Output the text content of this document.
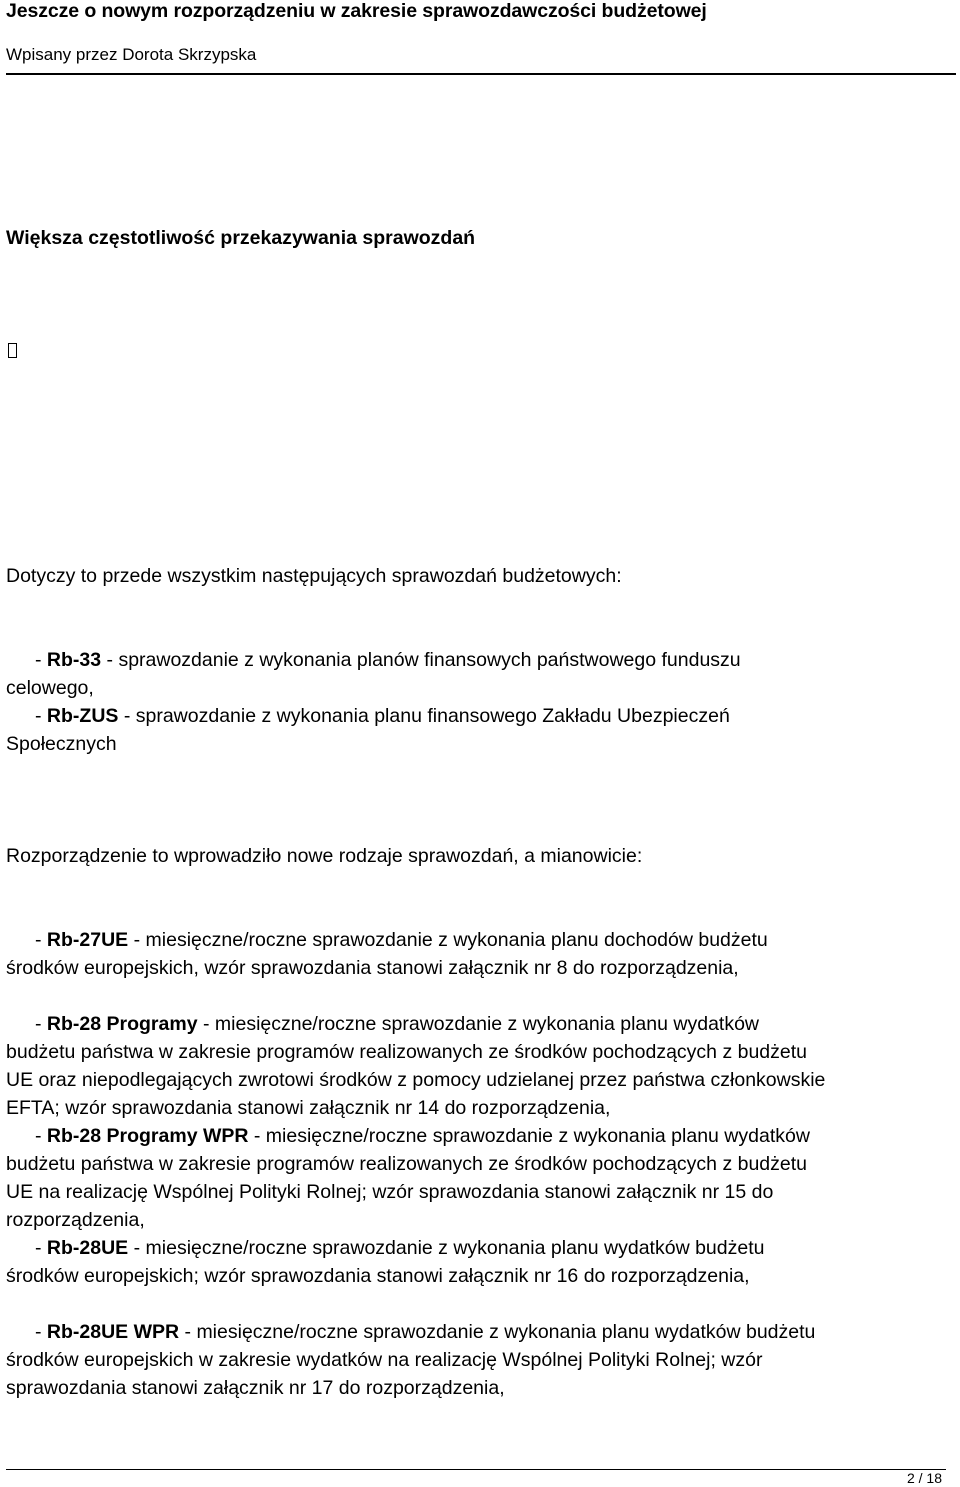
Jeszcze o nowym rozporządzeniu w zakresie sprawozdawczości budżetowej
Wpisany przez Dorota Skrzypska
Większa częstotliwość przekazywania sprawozdań
Dotyczy to przede wszystkim następujących sprawozdań budżetowych:
- Rb-33 - sprawozdanie z wykonania planów finansowych państwowego funduszu
celowego,
- Rb-ZUS - sprawozdanie z wykonania planu finansowego Zakładu Ubezpieczeń
Społecznych
Rozporządzenie to wprowadziło nowe rodzaje sprawozdań, a mianowicie:
- Rb-27UE - miesięczne/roczne sprawozdanie z wykonania planu dochodów budżetu
środków europejskich, wzór sprawozdania stanowi załącznik nr 8 do rozporządzenia,
- Rb-28 Programy - miesięczne/roczne sprawozdanie z wykonania planu wydatków
budżetu państwa w zakresie programów realizowanych ze środków pochodzących z budżetu
UE oraz niepodlegających zwrotowi środków z pomocy udzielanej przez państwa członkowskie
EFTA; wzór sprawozdania stanowi załącznik nr 14 do rozporządzenia,
- Rb-28 Programy WPR - miesięczne/roczne sprawozdanie z wykonania planu wydatków
budżetu państwa w zakresie programów realizowanych ze środków pochodzących z budżetu
UE na realizację Wspólnej Polityki Rolnej; wzór sprawozdania stanowi załącznik nr 15 do
rozporządzenia,
- Rb-28UE - miesięczne/roczne sprawozdanie z wykonania planu wydatków budżetu
środków europejskich; wzór sprawozdania stanowi załącznik nr 16 do rozporządzenia,
- Rb-28UE WPR - miesięczne/roczne sprawozdanie z wykonania planu wydatków budżetu
środków europejskich w zakresie wydatków na realizację Wspólnej Polityki Rolnej; wzór
sprawozdania stanowi załącznik nr 17 do rozporządzenia,
2 / 18
